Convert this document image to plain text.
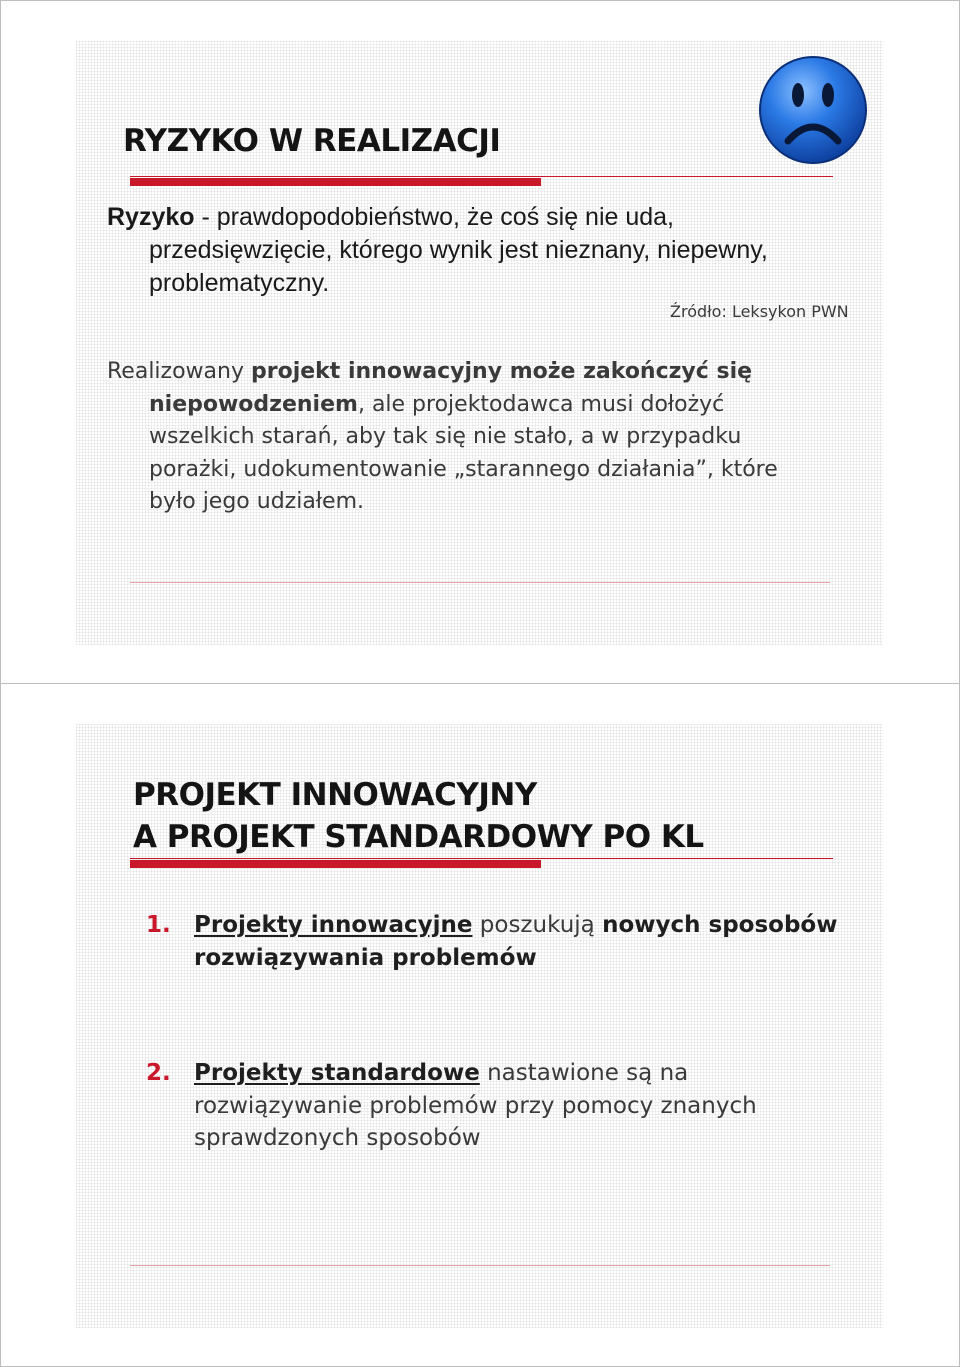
RYZYKO W REALIZACJI
Ryzyko - prawdopodobieństwo, że coś się nie uda,
przedsięwzięcie, którego wynik jest nieznany, niepewny,
problematyczny.
Źródło: Leksykon PWN
Realizowany projekt innowacyjny może zakończyć się
niepowodzeniem, ale projektodawca musi dołożyć
wszelkich starań, aby tak się nie stało, a w przypadku
porażki, udokumentowanie „starannego działania”, które
było jego udziałem.
PROJEKT INNOWACYJNY
A PROJEKT STANDARDOWY PO KL
1. Projekty innowacyjne poszukują nowych sposobów
rozwiązywania problemów
2. Projekty standardowe nastawione są na
rozwiązywanie problemów przy pomocy znanych
sprawdzonych sposobów
